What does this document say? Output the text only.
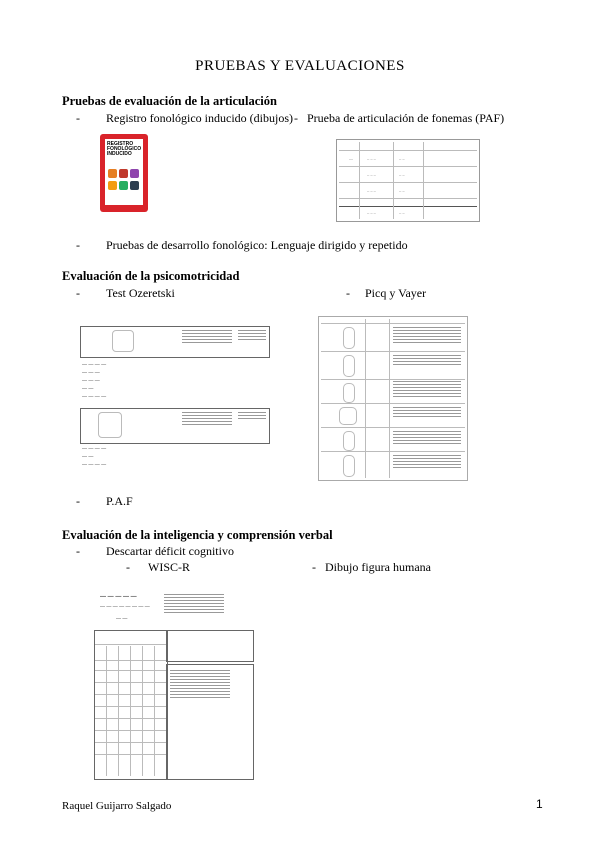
PRUEBAS Y EVALUACIONES
Pruebas de evaluación de la articulación
- Registro fonológico inducido (dibujos) - Prueba de articulación de fonemas (PAF)
REGISTRO FONOLÓGICO INDUCIDO
—	– – –	– –
– – –	– –
– – –	– –
– – –	– –
- Pruebas de desarrollo fonológico: Lenguaje dirigido y repetido
Evaluación de la psicomotricidad
- Test Ozeretski	- Picq y Vayer
— — — —
— — —
— — —
— —
— — — —
— — — —
— —
— — — —
- P.A.F
Evaluación de la inteligencia y comprensión verbal
- Descartar déficit cognitivo
- WISC-R	- Dibujo figura humana
— — — — —
— — — — — — — —
— —
Raquel Guijarro Salgado	1
